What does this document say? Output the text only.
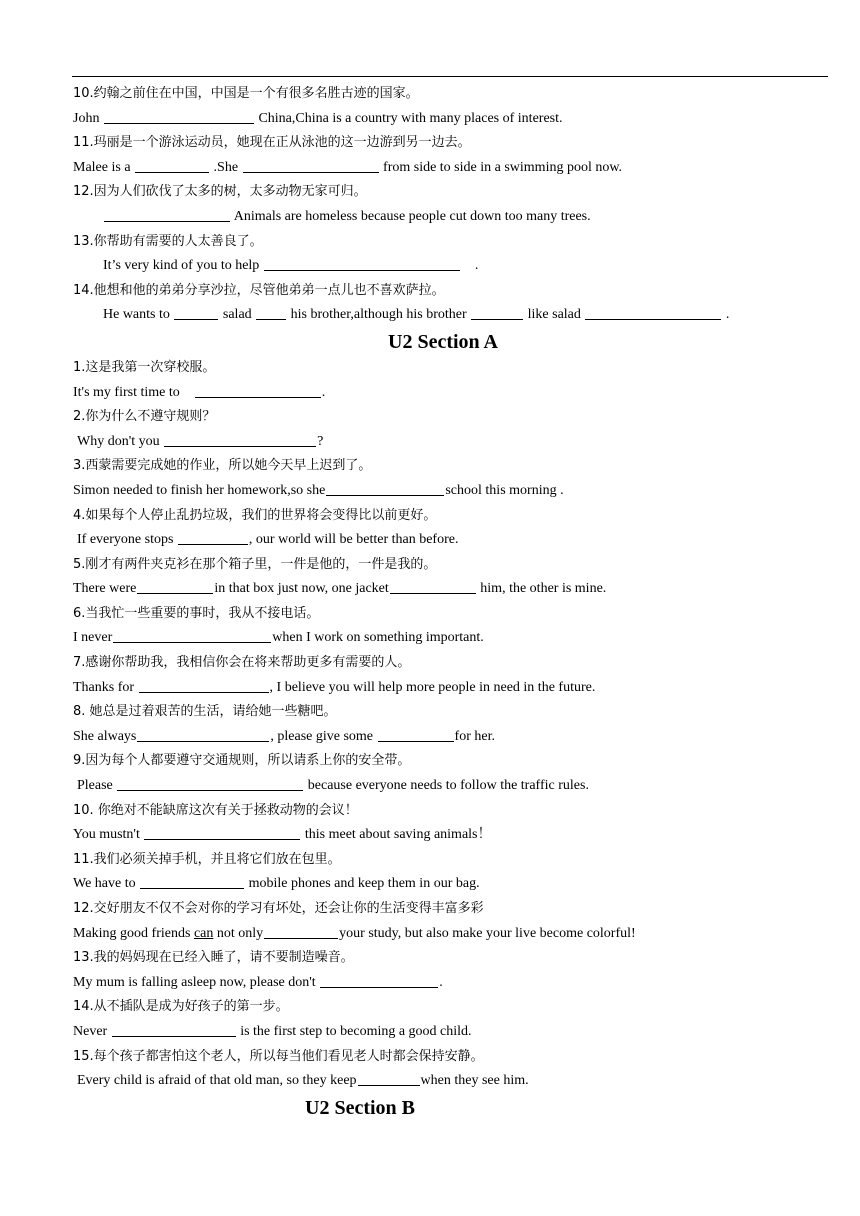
10.约翰之前住在中国，中国是一个有很多名胜古迹的国家。
John	China,China is a country with many places of interest.
11.玛丽是一个游泳运动员，她现在正从泳池的这一边游到另一边去。
Malee is a	.She	from side to side in a swimming pool now.
12.因为人们砍伐了太多的树，太多动物无家可归。
Animals are homeless because people cut down too many trees.
13.你帮助有需要的人太善良了。
It’s very kind of you to help	.
14.他想和他的弟弟分享沙拉，尽管他弟弟一点儿也不喜欢萨拉。
He wants to	salad	his brother,although his brother	like salad	.
U2 Section A
1.这是我第一次穿校服。
It's my first time to	.
2.你为什么不遵守规则？
Why don't you	?
3.西蒙需要完成她的作业，所以她今天早上迟到了。
Simon needed to finish her homework,so she	school this morning .
4.如果每个人停止乱扔垃圾，我们的世界将会变得比以前更好。
If everyone stops	, our world will be better than before.
5.刚才有两件夹克衫在那个箱子里，一件是他的，一件是我的。
There were	in that box just now, one jacket	him, the other is mine.
6.当我忙一些重要的事时，我从不接电话。
I never	when I work on something important.
7.感谢你帮助我，我相信你会在将来帮助更多有需要的人。
Thanks for	, I believe you will help more people in need in the future.
8. 她总是过着艰苦的生活，请给她一些糖吧。
She always	, please give some	for her.
9.因为每个人都要遵守交通规则，所以请系上你的安全带。
Please	because everyone needs to follow the traffic rules.
10. 你绝对不能缺席这次有关于拯救动物的会议！
You mustn't	this meet about saving animals！
11.我们必须关掉手机，并且将它们放在包里。
We have to	mobile phones and keep them in our bag.
12.交好朋友不仅不会对你的学习有坏处，还会让你的生活变得丰富多彩
Making good friends can not only	your study, but also make your live become colorful!
13.我的妈妈现在已经入睡了，请不要制造噪音。
My mum is falling asleep now, please don't	.
14.从不插队是成为好孩子的第一步。
Never	is the first step to becoming a good child.
15.每个孩子都害怕这个老人，所以每当他们看见老人时都会保持安静。
Every child is afraid of that old man, so they keep	when they see him.
U2 Section B
